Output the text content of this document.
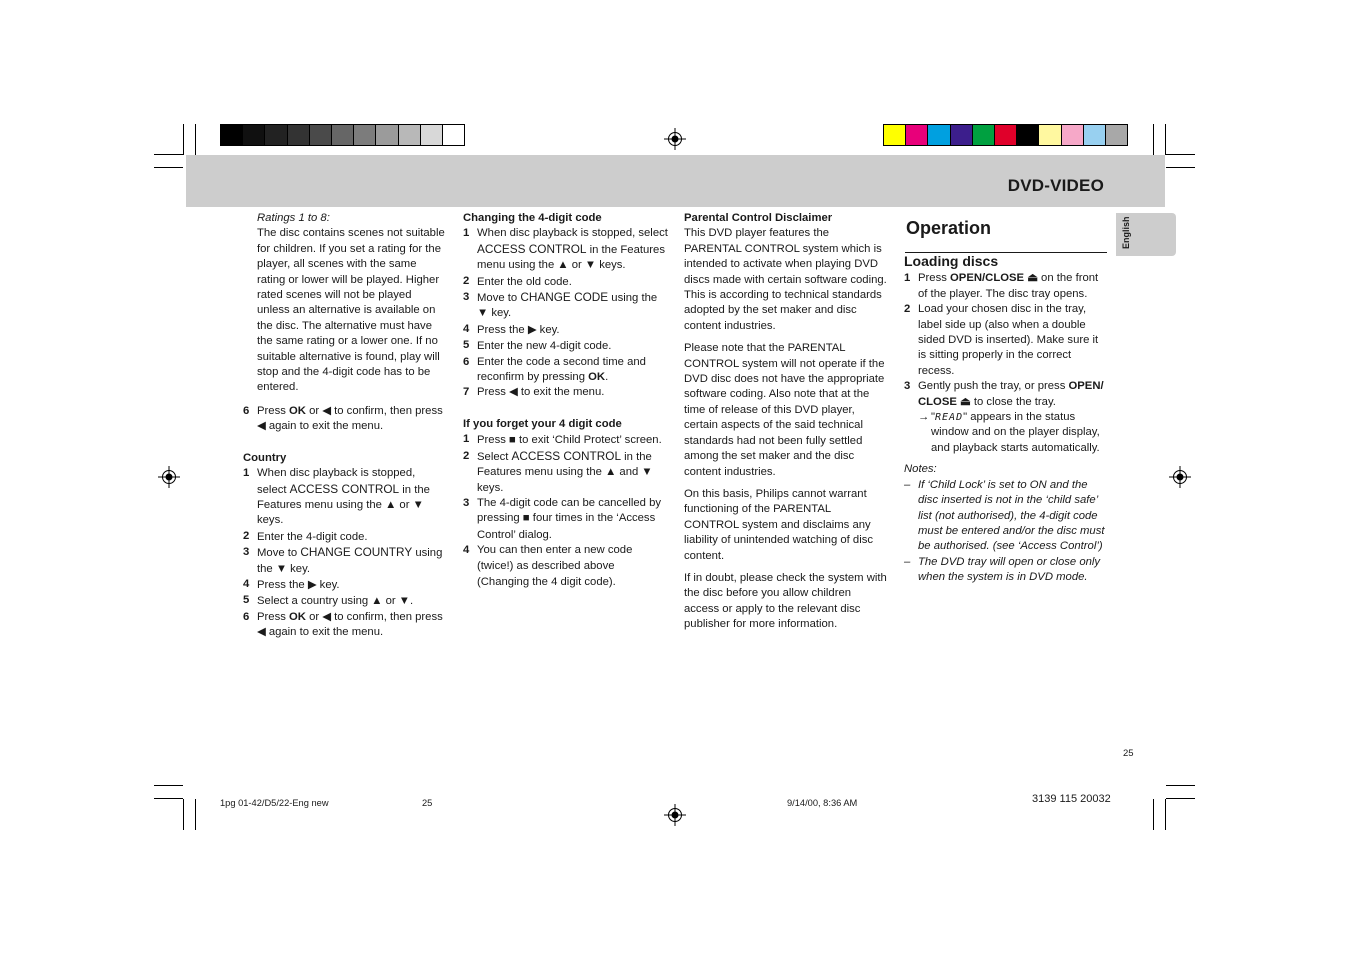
DVD-VIDEO
English

Ratings 1 to 8:

The disc contains scenes not suitable for children. If you set a rating for the player, all scenes with the same rating or lower will be played. Higher rated scenes will not be played unless an alternative is available on the disc. The alternative must have the same rating or a lower one. If no suitable alternative is found, play will stop and the 4-digit code has to be entered.

6 Press OK or ◀ to confirm, then press ◀ again to exit the menu.

Country

1 When disc playback is stopped, select ACCESS CONTROL in the Features menu using the ▲ or ▼ keys.
2 Enter the 4-digit code.
3 Move to CHANGE COUNTRY using the ▼ key.
4 Press the ▶ key.
5 Select a country using ▲ or ▼.
6 Press OK or ◀ to confirm, then press ◀ again to exit the menu.

Changing the 4-digit code

1 When disc playback is stopped, select ACCESS CONTROL in the Features menu using the ▲ or ▼ keys.
2 Enter the old code.
3 Move to CHANGE CODE using the ▼ key.
4 Press the ▶ key.
5 Enter the new 4-digit code.
6 Enter the code a second time and reconfirm by pressing OK.
7 Press ◀ to exit the menu.

If you forget your 4 digit code

1 Press ■ to exit ‘Child Protect’ screen.
2 Select ACCESS CONTROL in the Features menu using the ▲ and ▼ keys.
3 The 4-digit code can be cancelled by pressing ■ four times in the ‘Access Control’ dialog.
4 You can then enter a new code (twice!) as described above (Changing the 4 digit code).

Parental Control Disclaimer

This DVD player features the PARENTAL CONTROL system which is intended to activate when playing DVD discs made with certain software coding. This is according to technical standards adopted by the set maker and disc content industries.

Please note that the PARENTAL CONTROL system will not operate if the DVD disc does not have the appropriate software coding. Also note that at the time of release of this DVD player, certain aspects of the said technical standards had not been fully settled among the set maker and the disc content industries.

On this basis, Philips cannot warrant functioning of the PARENTAL CONTROL system and disclaims any liability of unintended watching of disc content.

If in doubt, please check the system with the disc before you allow children access or apply to the relevant disc publisher for more information.

Operation

Loading discs

1 Press OPEN/CLOSE ⏏ on the front of the player. The disc tray opens.
2 Load your chosen disc in the tray, label side up (also when a double sided DVD is inserted). Make sure it is sitting properly in the correct recess.
3 Gently push the tray, or press OPEN/ CLOSE ⏏ to close the tray.
→ "READ" appears in the status window and on the player display, and playback starts automatically.

Notes:

– If ‘Child Lock’ is set to ON and the disc inserted is not in the ‘child safe’ list (not authorised), the 4-digit code must be entered and/or the disc must be authorised. (see ‘Access Control’)
– The DVD tray will open or close only when the system is in DVD mode.
25
1pg 01-42/D5/22-Eng new	25	9/14/00, 8:36 AM	3139 115 20032
